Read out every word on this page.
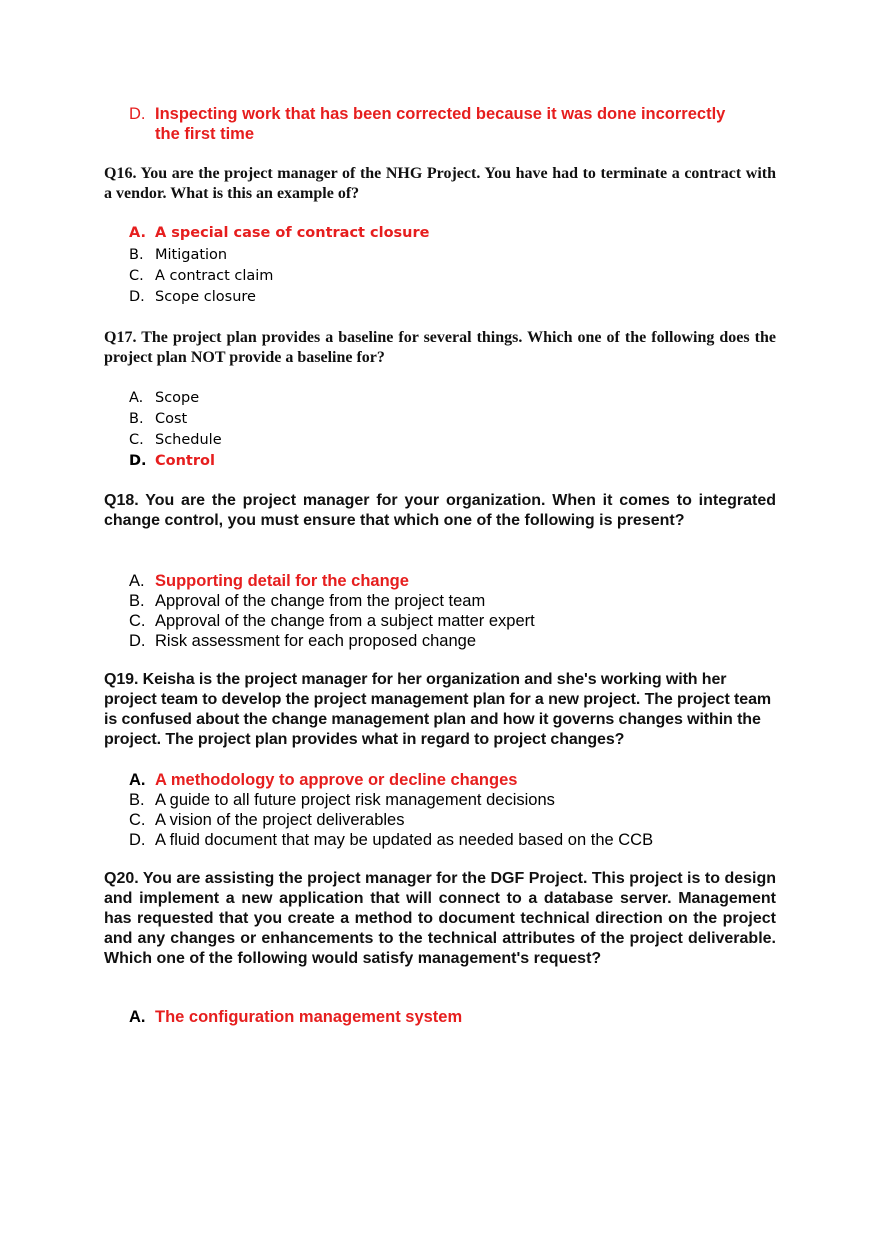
D. Inspecting work that has been corrected because it was done incorrectly
the first time
Q16. You are the project manager of the NHG Project. You have had to terminate a contract with a vendor. What is this an example of?
A. A special case of contract closure
B. Mitigation
C. A contract claim
D. Scope closure
Q17. The project plan provides a baseline for several things. Which one of the following does the project plan NOT provide a baseline for?
A. Scope
B. Cost
C. Schedule
D. Control
Q18. You are the project manager for your organization. When it comes to integrated change control, you must ensure that which one of the following is present?
A. Supporting detail for the change
B. Approval of the change from the project team
C. Approval of the change from a subject matter expert
D. Risk assessment for each proposed change
Q19. Keisha is the project manager for her organization and she's working with her project team to develop the project management plan for a new project. The project team is confused about the change management plan and how it governs changes within the project. The project plan provides what in regard to project changes?
A. A methodology to approve or decline changes
B. A guide to all future project risk management decisions
C. A vision of the project deliverables
D. A fluid document that may be updated as needed based on the CCB
Q20. You are assisting the project manager for the DGF Project. This project is to design and implement a new application that will connect to a database server. Management has requested that you create a method to document technical direction on the project and any changes or enhancements to the technical attributes of the project deliverable. Which one of the following would satisfy management's request?
A. The configuration management system
